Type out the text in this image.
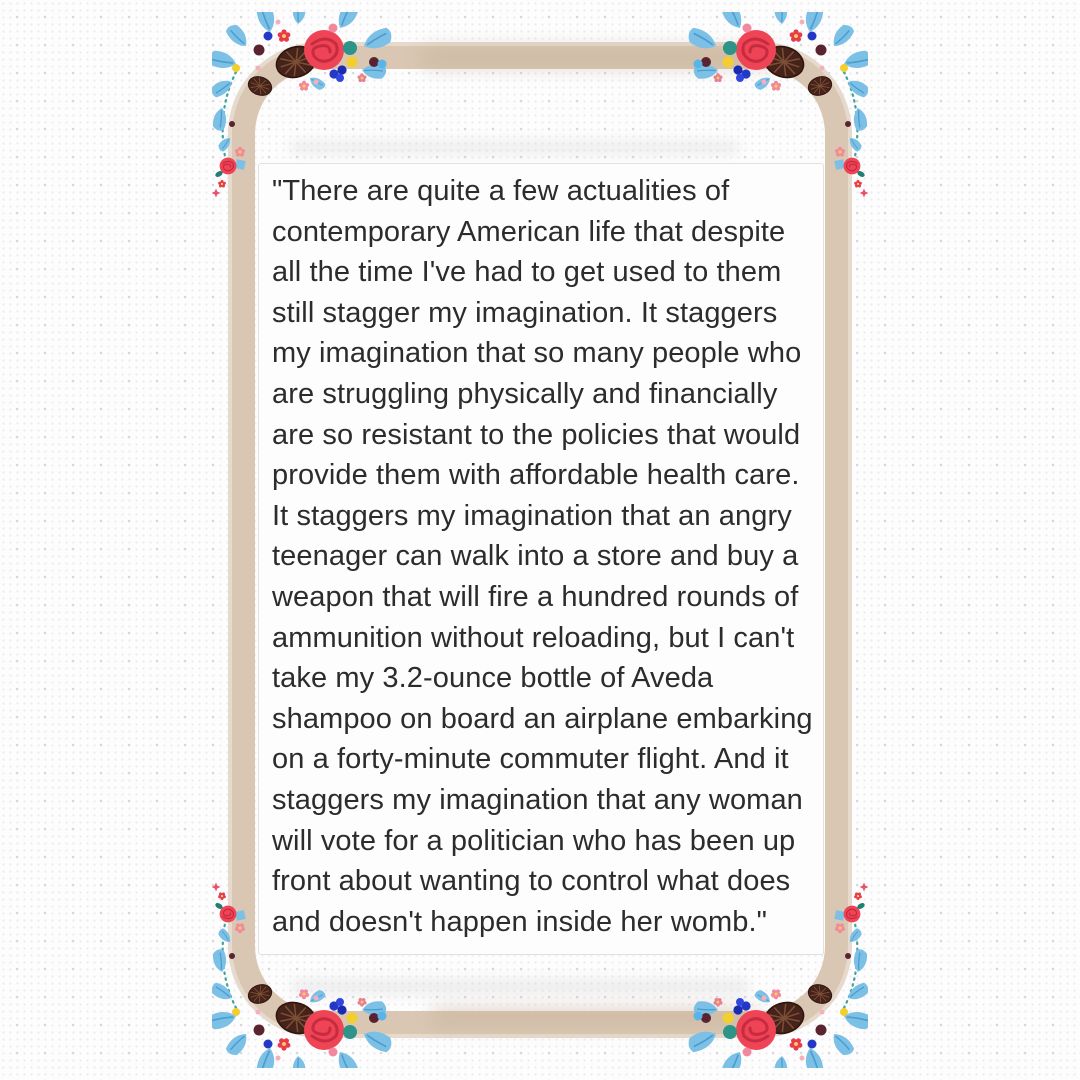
"There are quite a few actualities of contemporary American life that despite all the time I've had to get used to them still stagger my imagination. It staggers my imagination that so many people who are struggling physically and financially are so resistant to the policies that would provide them with affordable health care. It staggers my imagination that an angry teenager can walk into a store and buy a weapon that will fire a hundred rounds of ammunition without reloading, but I can't take my 3.2-ounce bottle of Aveda shampoo on board an airplane embarking on a forty-minute commuter flight. And it staggers my imagination that any woman will vote for a politician who has been up front about wanting to control what does and doesn't happen inside her womb."
